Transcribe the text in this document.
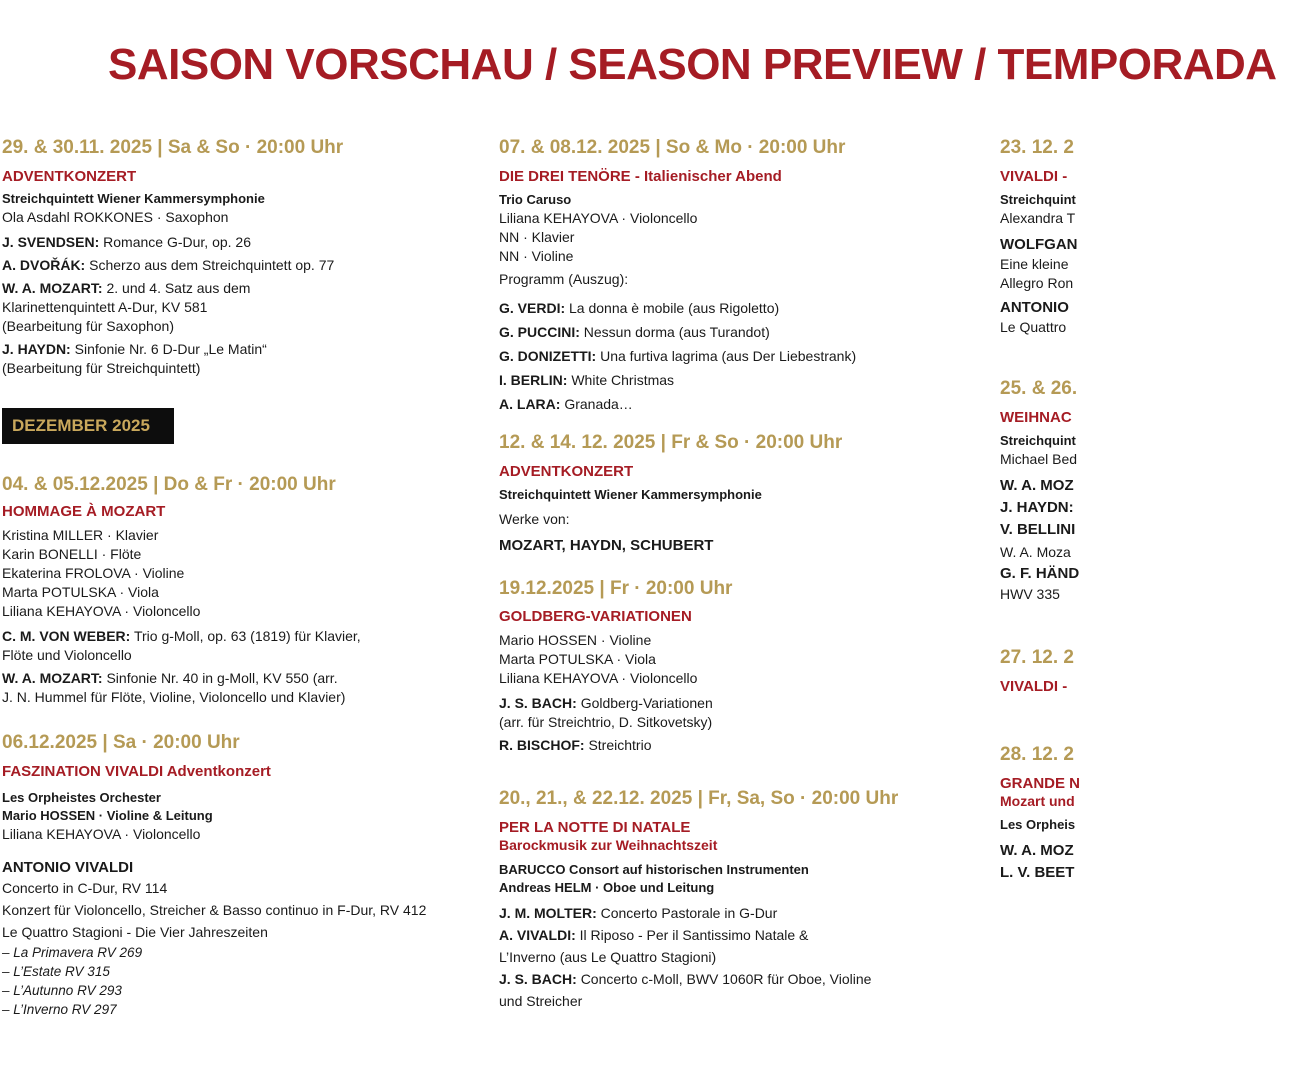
SAISON VORSCHAU / SEASON PREVIEW / TEMPORADA
29. & 30.11. 2025 | Sa & So · 20:00 Uhr
ADVENTKONZERT
Streichquintett Wiener Kammersymphonie
Ola Asdahl ROKKONES · Saxophon
J. SVENDSEN: Romance G-Dur, op. 26
A. DVOŘÁK: Scherzo aus dem Streichquintett op. 77
W. A. MOZART: 2. und 4. Satz aus dem
Klarinettenquintett A-Dur, KV 581
(Bearbeitung für Saxophon)
J. HAYDN: Sinfonie Nr. 6 D-Dur „Le Matin“
(Bearbeitung für Streichquintett)
DEZEMBER 2025
04. & 05.12.2025 | Do & Fr · 20:00 Uhr
HOMMAGE À MOZART
Kristina MILLER · Klavier
Karin BONELLI · Flöte
Ekaterina FROLOVA · Violine
Marta POTULSKA · Viola
Liliana KEHAYOVA · Violoncello
C. M. VON WEBER: Trio g-Moll, op. 63 (1819) für Klavier,
Flöte und Violoncello
W. A. MOZART: Sinfonie Nr. 40 in g-Moll, KV 550 (arr.
J. N. Hummel für Flöte, Violine, Violoncello und Klavier)
06.12.2025 | Sa · 20:00 Uhr
FASZINATION VIVALDI Adventkonzert
Les Orpheistes Orchester
Mario HOSSEN · Violine & Leitung
Liliana KEHAYOVA · Violoncello
ANTONIO VIVALDI
Concerto in C-Dur, RV 114
Konzert für Violoncello, Streicher & Basso continuo in F-Dur, RV 412
Le Quattro Stagioni - Die Vier Jahreszeiten
– La Primavera RV 269
– L’Estate RV 315
– L’Autunno RV 293
– L’Inverno RV 297
07. & 08.12. 2025 | So & Mo · 20:00 Uhr
DIE DREI TENÖRE - Italienischer Abend
Trio Caruso
Liliana KEHAYOVA · Violoncello
NN · Klavier
NN · Violine
Programm (Auszug):
G. VERDI: La donna è mobile (aus Rigoletto)
G. PUCCINI: Nessun dorma (aus Turandot)
G. DONIZETTI: Una furtiva lagrima (aus Der Liebestrank)
I. BERLIN: White Christmas
A. LARA: Granada…
12. & 14. 12. 2025 | Fr & So · 20:00 Uhr
ADVENTKONZERT
Streichquintett Wiener Kammersymphonie
Werke von:
MOZART, HAYDN, SCHUBERT
19.12.2025 | Fr · 20:00 Uhr
GOLDBERG-VARIATIONEN
Mario HOSSEN · Violine
Marta POTULSKA · Viola
Liliana KEHAYOVA · Violoncello
J. S. BACH: Goldberg-Variationen
(arr. für Streichtrio, D. Sitkovetsky)
R. BISCHOF: Streichtrio
20., 21., & 22.12. 2025 | Fr, Sa, So · 20:00 Uhr
PER LA NOTTE DI NATALE
Barockmusik zur Weihnachtszeit
BARUCCO Consort auf historischen Instrumenten
Andreas HELM · Oboe und Leitung
J. M. MOLTER: Concerto Pastorale in G-Dur
A. VIVALDI: Il Riposo - Per il Santissimo Natale &
L’Inverno (aus Le Quattro Stagioni)
J. S. BACH: Concerto c-Moll, BWV 1060R für Oboe, Violine
und Streicher
23. 12. 2
VIVALDI -
Streichquint
Alexandra T
WOLFGAN
Eine kleine
Allegro Ron
ANTONIO
Le Quattro
25. & 26.
WEIHNAC
Streichquint
Michael Bed
W. A. MOZ
J. HAYDN:
V. BELLINI
W. A. Moza
G. F. HÄND
HWV 335
27. 12. 2
VIVALDI -
28. 12. 2
GRANDE N
Mozart und
Les Orpheis
W. A. MOZ
L. V. BEET
